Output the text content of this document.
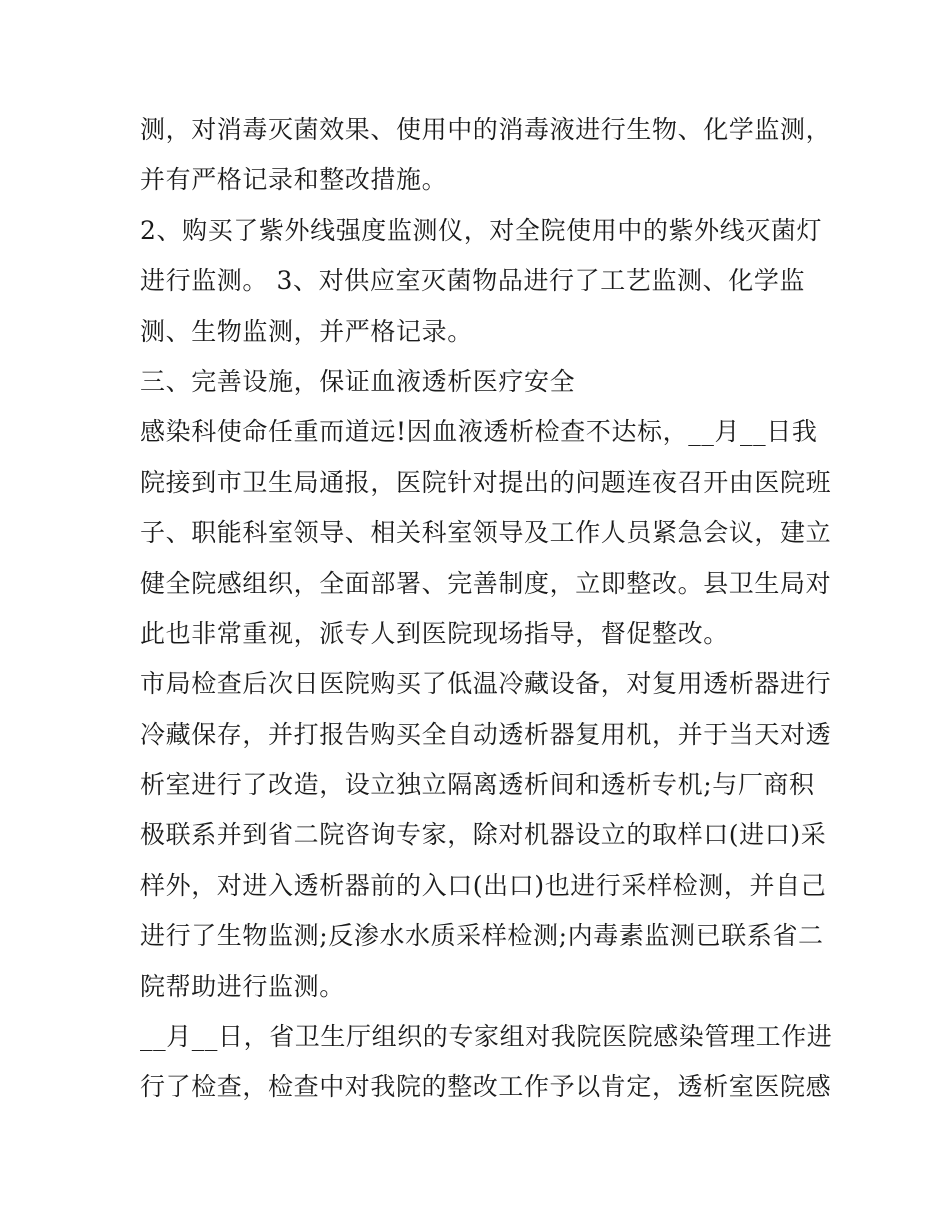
测，对消毒灭菌效果、使用中的消毒液进行生物、化学监测，
并有严格记录和整改措施。
2、购买了紫外线强度监测仪，对全院使用中的紫外线灭菌灯
进行监测。 3、对供应室灭菌物品进行了工艺监测、化学监
测、生物监测，并严格记录。
三、完善设施，保证血液透析医疗安全
感染科使命任重而道远!因血液透析检查不达标，__月__日我
院接到市卫生局通报，医院针对提出的问题连夜召开由医院班
子、职能科室领导、相关科室领导及工作人员紧急会议，建立
健全院感组织，全面部署、完善制度，立即整改。县卫生局对
此也非常重视，派专人到医院现场指导，督促整改。
市局检查后次日医院购买了低温冷藏设备，对复用透析器进行
冷藏保存，并打报告购买全自动透析器复用机，并于当天对透
析室进行了改造，设立独立隔离透析间和透析专机;与厂商积
极联系并到省二院咨询专家，除对机器设立的取样口(进口)采
样外，对进入透析器前的入口(出口)也进行采样检测，并自己
进行了生物监测;反渗水水质采样检测;内毒素监测已联系省二
院帮助进行监测。
__月__日，省卫生厅组织的专家组对我院医院感染管理工作进
行了检查，检查中对我院的整改工作予以肯定，透析室医院感
